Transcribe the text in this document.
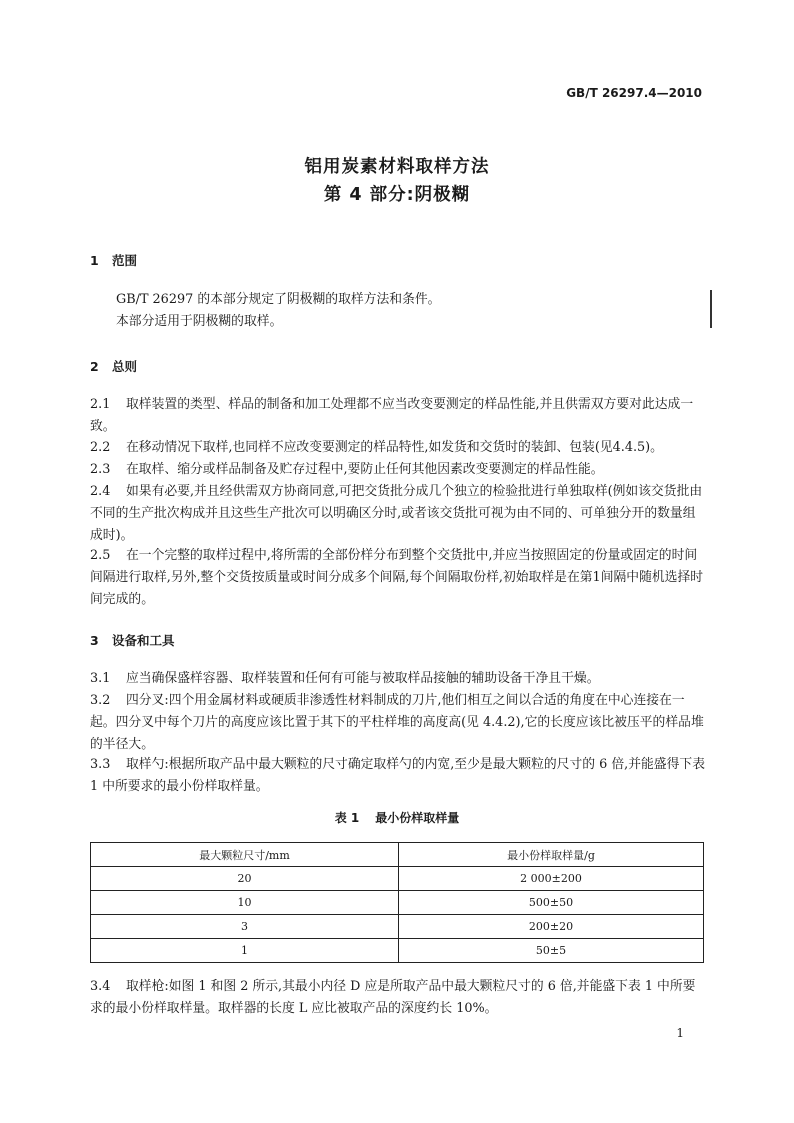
GB/T 26297.4—2010
铝用炭素材料取样方法
第 4 部分:阴极糊
1 范围
GB/T 26297 的本部分规定了阴极糊的取样方法和条件。
本部分适用于阴极糊的取样。
2 总则
2.1 取样装置的类型、样品的制备和加工处理都不应当改变要测定的样品性能,并且供需双方要对此达成一致。
2.2 在移动情况下取样,也同样不应改变要测定的样品特性,如发货和交货时的装卸、包装(见4.4.5)。
2.3 在取样、缩分或样品制备及贮存过程中,要防止任何其他因素改变要测定的样品性能。
2.4 如果有必要,并且经供需双方协商同意,可把交货批分成几个独立的检验批进行单独取样(例如该交货批由不同的生产批次构成并且这些生产批次可以明确区分时,或者该交货批可视为由不同的、可单独分开的数量组成时)。
2.5 在一个完整的取样过程中,将所需的全部份样分布到整个交货批中,并应当按照固定的份量或固定的时间间隔进行取样,另外,整个交货按质量或时间分成多个间隔,每个间隔取份样,初始取样是在第1间隔中随机选择时间完成的。
3 设备和工具
3.1 应当确保盛样容器、取样装置和任何有可能与被取样品接触的辅助设备干净且干燥。
3.2 四分叉:四个用金属材料或硬质非渗透性材料制成的刀片,他们相互之间以合适的角度在中心连接在一起。四分叉中每个刀片的高度应该比置于其下的平柱样堆的高度高(见 4.4.2),它的长度应该比被压平的样品堆的半径大。
3.3 取样勺:根据所取产品中最大颗粒的尺寸确定取样勺的内宽,至少是最大颗粒的尺寸的 6 倍,并能盛得下表 1 中所要求的最小份样取样量。
表 1 最小份样取样量
最大颗粒尺寸/mm	最小份样取样量/g
20	2 000±200
10	500±50
3	200±20
1	50±5
3.4 取样枪:如图 1 和图 2 所示,其最小内径 D 应是所取产品中最大颗粒尺寸的 6 倍,并能盛下表 1 中所要求的最小份样取样量。取样器的长度 L 应比被取产品的深度约长 10%。
1
